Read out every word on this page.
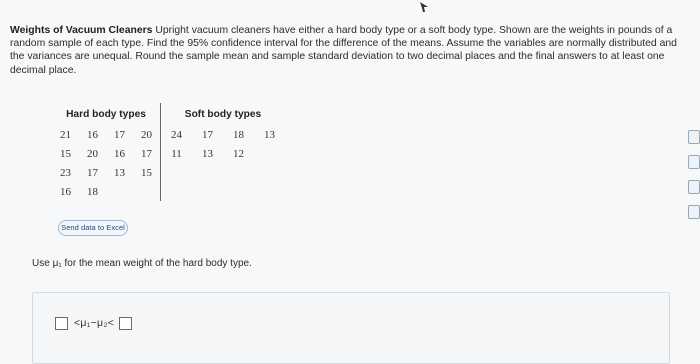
Weights of Vacuum Cleaners Upright vacuum cleaners have either a hard body type or a soft body type. Shown are the weights in pounds of a random sample of each type. Find the 95% confidence interval for the difference of the means. Assume the variables are normally distributed and the variances are unequal. Round the sample mean and sample standard deviation to two decimal places and the final answers to at least one decimal place.
Hard body types				Soft body types			
21	16	17	20	24	17	18	13
15	20	16	17	11	13	12	
23	17	13	15				
16	18						
Send data to Excel
Use μ₁ for the mean weight of the hard body type.
<μ₁−μ₂<
